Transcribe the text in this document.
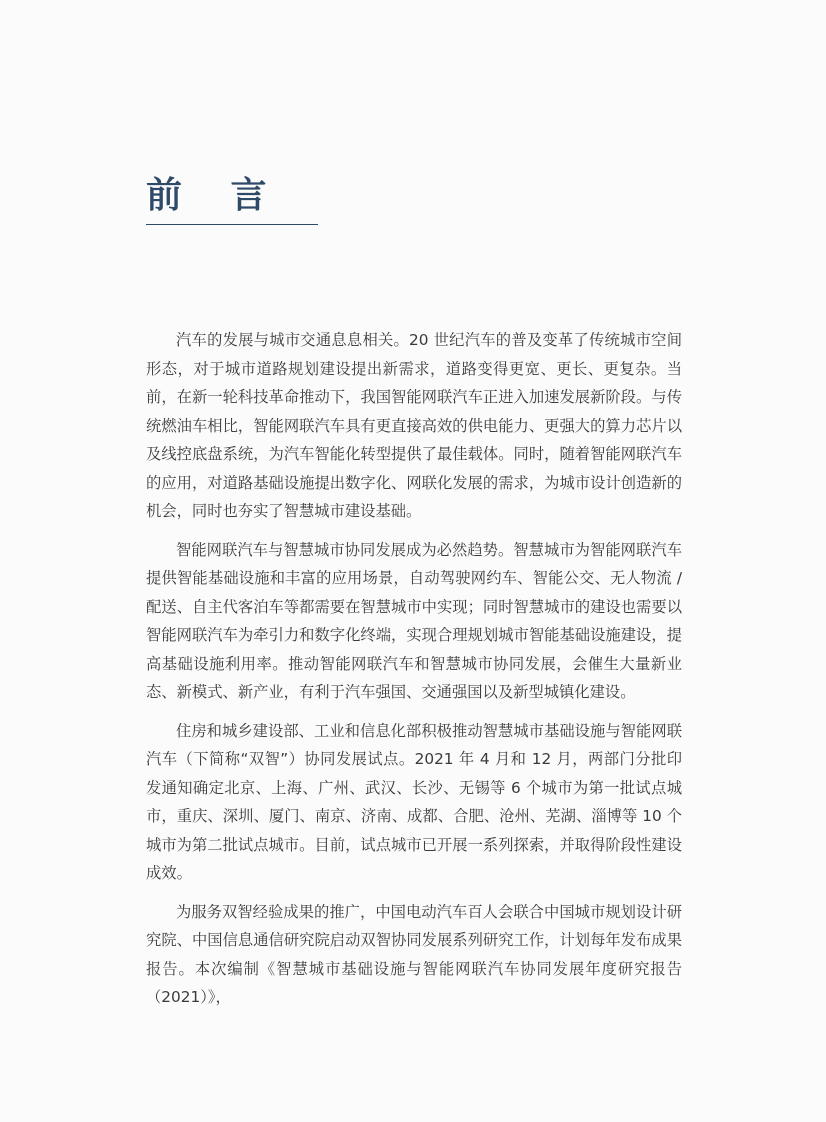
前 言

汽车的发展与城市交通息息相关。20 世纪汽车的普及变革了传统城市空间形态，对于城市道路规划建设提出新需求，道路变得更宽、更长、更复杂。当前，在新一轮科技革命推动下，我国智能网联汽车正进入加速发展新阶段。与传统燃油车相比，智能网联汽车具有更直接高效的供电能力、更强大的算力芯片以及线控底盘系统，为汽车智能化转型提供了最佳载体。同时，随着智能网联汽车的应用，对道路基础设施提出数字化、网联化发展的需求，为城市设计创造新的机会，同时也夯实了智慧城市建设基础。

智能网联汽车与智慧城市协同发展成为必然趋势。智慧城市为智能网联汽车提供智能基础设施和丰富的应用场景，自动驾驶网约车、智能公交、无人物流 / 配送、自主代客泊车等都需要在智慧城市中实现；同时智慧城市的建设也需要以智能网联汽车为牵引力和数字化终端，实现合理规划城市智能基础设施建设，提高基础设施利用率。推动智能网联汽车和智慧城市协同发展，会催生大量新业态、新模式、新产业，有利于汽车强国、交通强国以及新型城镇化建设。

住房和城乡建设部、工业和信息化部积极推动智慧城市基础设施与智能网联汽车（下简称“双智”）协同发展试点。2021 年 4 月和 12 月，两部门分批印发通知确定北京、上海、广州、武汉、长沙、无锡等 6 个城市为第一批试点城市，重庆、深圳、厦门、南京、济南、成都、合肥、沧州、芜湖、淄博等 10 个城市为第二批试点城市。目前，试点城市已开展一系列探索，并取得阶段性建设成效。

为服务双智经验成果的推广，中国电动汽车百人会联合中国城市规划设计研究院、中国信息通信研究院启动双智协同发展系列研究工作，计划每年发布成果报告。本次编制《智慧城市基础设施与智能网联汽车协同发展年度研究报告（2021）》，
